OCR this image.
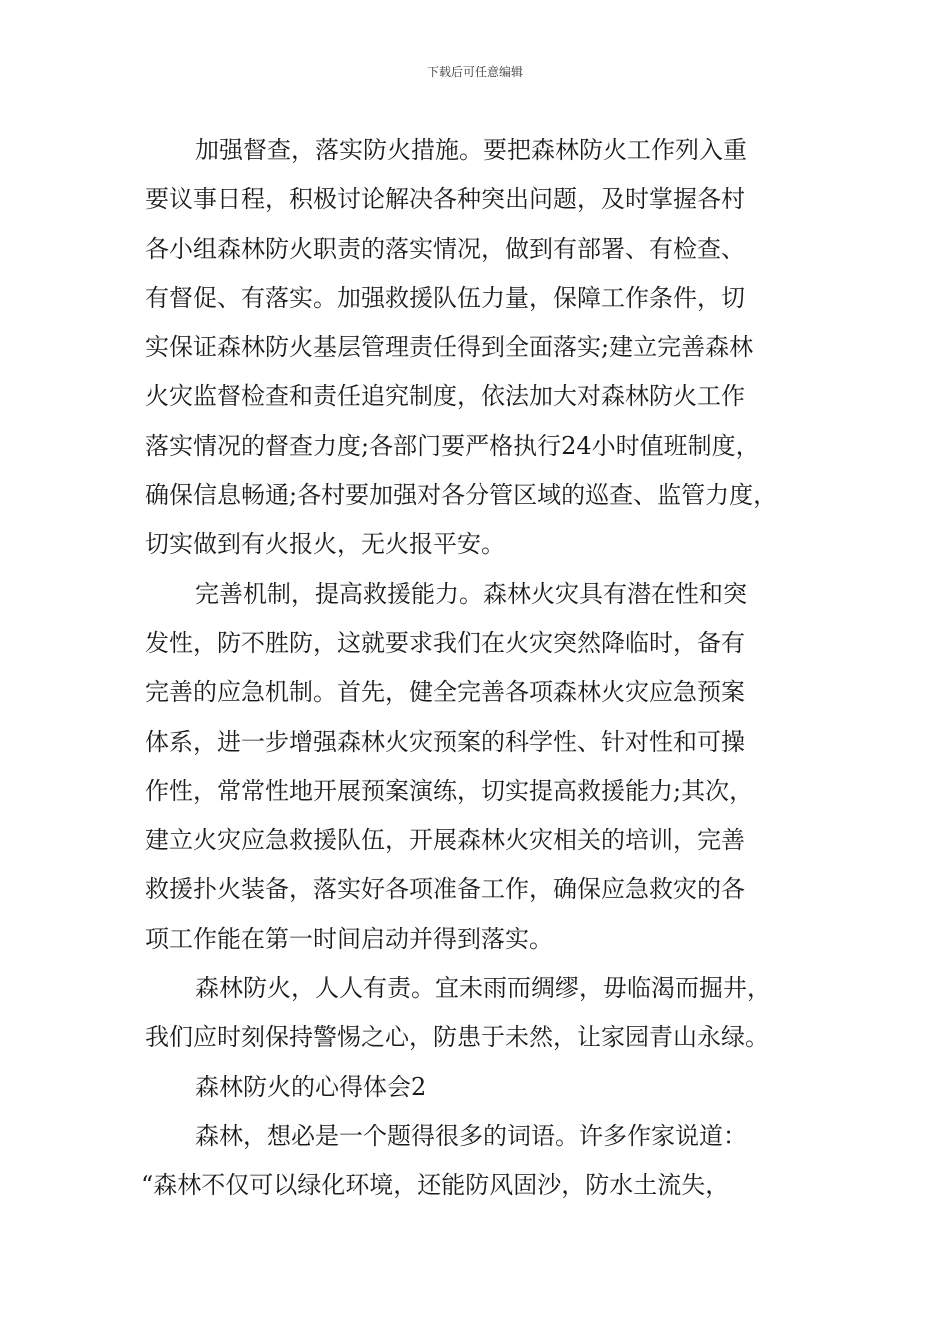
下载后可任意编辑
加强督查，落实防火措施。要把森林防火工作列入重
要议事日程，积极讨论解决各种突出问题，及时掌握各村
各小组森林防火职责的落实情况，做到有部署、有检查、
有督促、有落实。加强救援队伍力量，保障工作条件，切
实保证森林防火基层管理责任得到全面落实;建立完善森林
火灾监督检查和责任追究制度，依法加大对森林防火工作
落实情况的督查力度;各部门要严格执行24小时值班制度，
确保信息畅通;各村要加强对各分管区域的巡查、监管力度，
切实做到有火报火，无火报平安。
完善机制，提高救援能力。森林火灾具有潜在性和突
发性，防不胜防，这就要求我们在火灾突然降临时，备有
完善的应急机制。首先，健全完善各项森林火灾应急预案
体系，进一步增强森林火灾预案的科学性、针对性和可操
作性，常常性地开展预案演练，切实提高救援能力;其次，
建立火灾应急救援队伍，开展森林火灾相关的培训，完善
救援扑火装备，落实好各项准备工作，确保应急救灾的各
项工作能在第一时间启动并得到落实。
森林防火，人人有责。宜未雨而绸缪，毋临渴而掘井，
我们应时刻保持警惕之心，防患于未然，让家园青山永绿。
森林防火的心得体会2
森林，想必是一个题得很多的词语。许多作家说道：
“森林不仅可以绿化环境，还能防风固沙，防水土流失，
